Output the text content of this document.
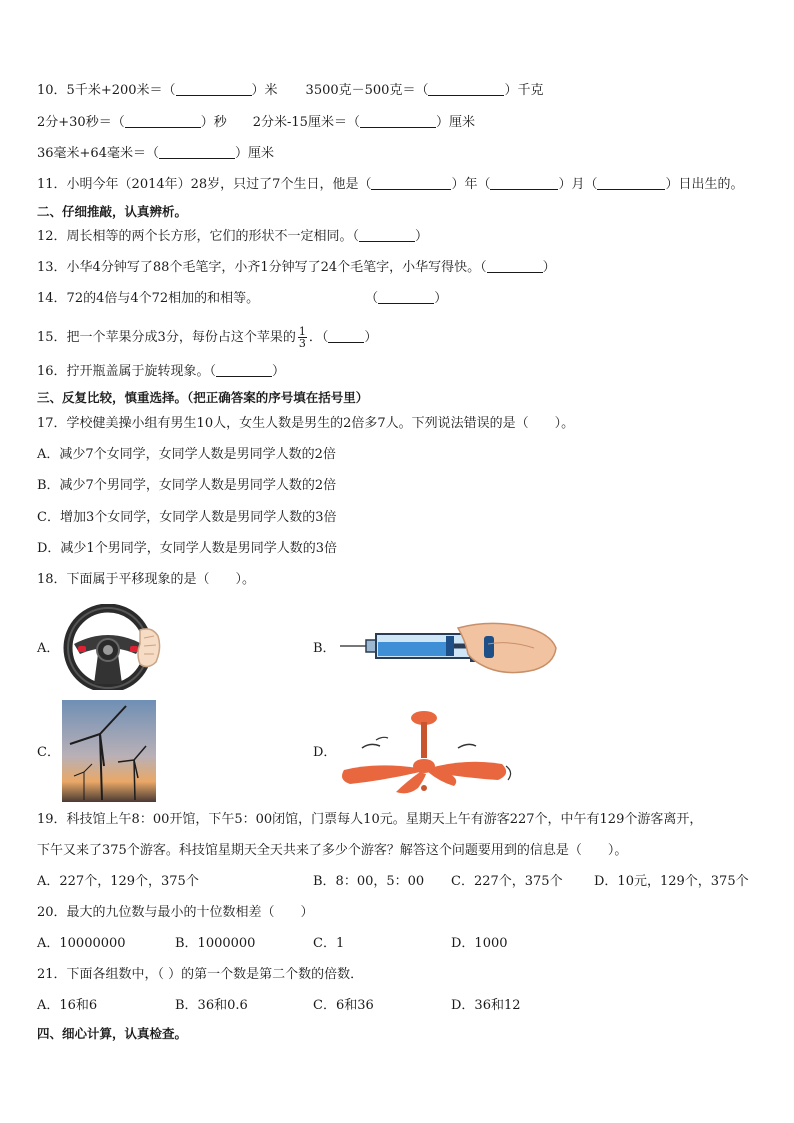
10．5千米+200米＝（	）米 3500克－500克＝（	）千克
2分+30秒＝（	）秒 2分米-15厘米＝（	）厘米
36毫米+64毫米＝（	）厘米
11．小明今年（2014年）28岁，只过了7个生日，他是（	）年（	）月（	）日出生的。
二、仔细推敲，认真辨析。
12．周长相等的两个长方形，它们的形状不一定相同。（	）
13．小华4分钟写了88个毛笔字，小齐1分钟写了24个毛笔字，小华写得快。（	）
14．72的4倍与4个72相加的和相等。	（	）
15．把一个苹果分成3分，每份占这个苹果的 $\frac{1}{3}$ ．（	）
16．拧开瓶盖属于旋转现象。（	）
三、反复比较，慎重选择。（把正确答案的序号填在括号里）
17．学校健美操小组有男生10人，女生人数是男生的2倍多7人。下列说法错误的是（　　）。
A．减少7个女同学，女同学人数是男同学人数的2倍
B．减少7个男同学，女同学人数是男同学人数的2倍
C．增加3个女同学，女同学人数是男同学人数的3倍
D．减少1个男同学，女同学人数是男同学人数的3倍
18．下面属于平移现象的是（　　）。
A．	B．
C．	D．
19．科技馆上午8：00开馆，下午5：00闭馆，门票每人10元。星期天上午有游客227个，中午有129个游客离开，
下午又来了375个游客。科技馆星期天全天共来了多少个游客？解答这个问题要用到的信息是（　　）。
A．227个，129个，375个	B．8：00，5：00 C．227个，375个 D．10元，129个，375个
20．最大的九位数与最小的十位数相差（　　）
A．10000000	B．1000000	C．1	D．1000
21．下面各组数中，（ ）的第一个数是第二个数的倍数．
A．16和6	B．36和0.6	C．6和36	D．36和12
四、细心计算，认真检查。
